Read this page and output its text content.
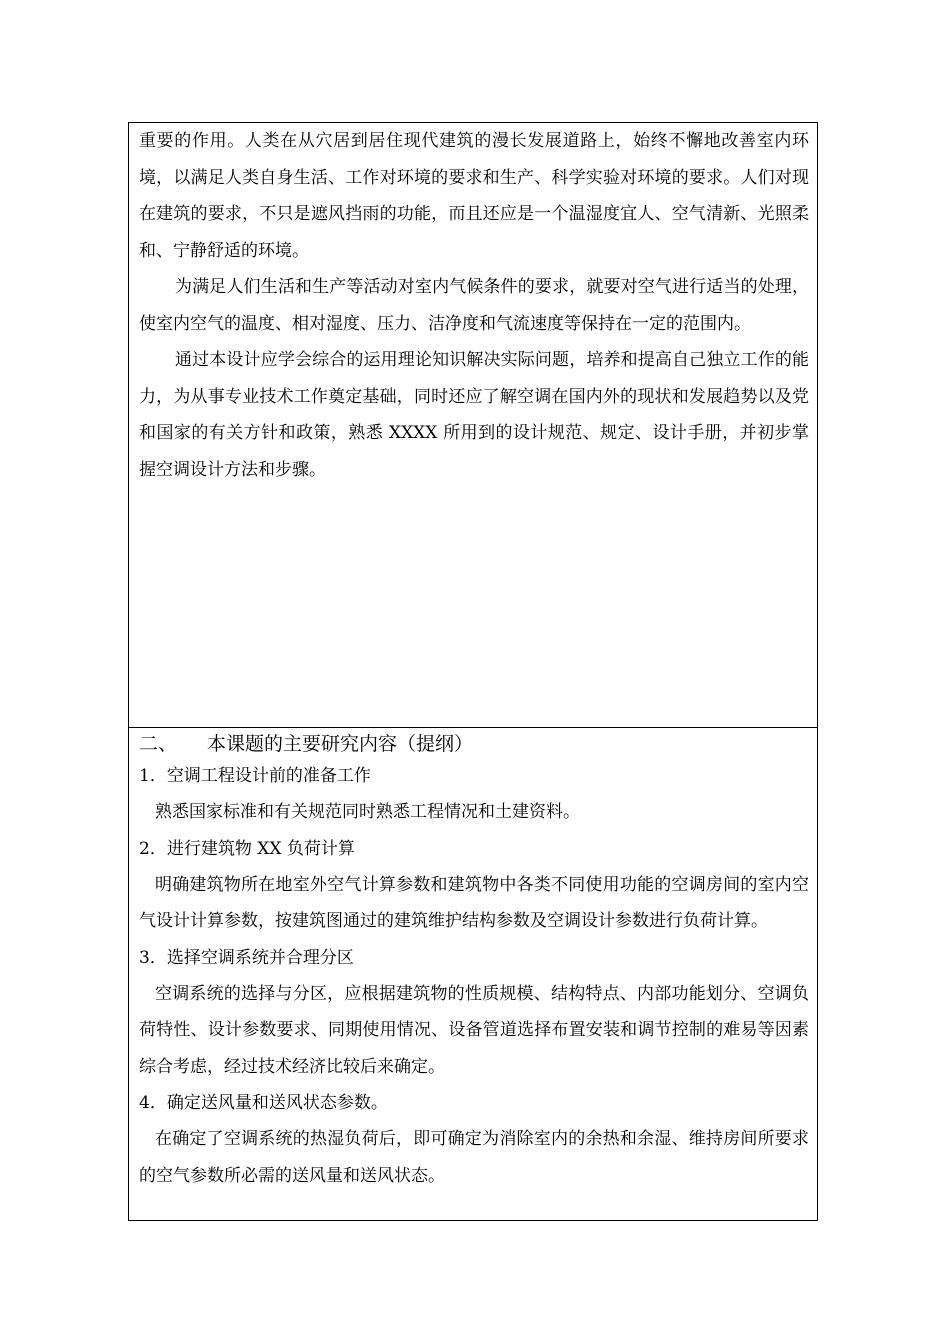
重要的作用。人类在从穴居到居住现代建筑的漫长发展道路上，始终不懈地改善室内环境，以满足人类自身生活、工作对环境的要求和生产、科学实验对环境的要求。人们对现在建筑的要求，不只是遮风挡雨的功能，而且还应是一个温湿度宜人、空气清新、光照柔和、宁静舒适的环境。

为满足人们生活和生产等活动对室内气候条件的要求，就要对空气进行适当的处理，使室内空气的温度、相对湿度、压力、洁净度和气流速度等保持在一定的范围内。

通过本设计应学会综合的运用理论知识解决实际问题，培养和提高自己独立工作的能力，为从事专业技术工作奠定基础，同时还应了解空调在国内外的现状和发展趋势以及党和国家的有关方针和政策，熟悉 XXXX 所用到的设计规范、规定、设计手册，并初步掌握空调设计方法和步骤。

二、 本课题的主要研究内容（提纲）

1．空调工程设计前的准备工作

熟悉国家标准和有关规范同时熟悉工程情况和土建资料。

2．进行建筑物 XX 负荷计算

明确建筑物所在地室外空气计算参数和建筑物中各类不同使用功能的空调房间的室内空气设计计算参数，按建筑图通过的建筑维护结构参数及空调设计参数进行负荷计算。

3．选择空调系统并合理分区

空调系统的选择与分区，应根据建筑物的性质规模、结构特点、内部功能划分、空调负荷特性、设计参数要求、同期使用情况、设备管道选择布置安装和调节控制的难易等因素综合考虑，经过技术经济比较后来确定。

4．确定送风量和送风状态参数。

在确定了空调系统的热湿负荷后，即可确定为消除室内的余热和余湿、维持房间所要求的空气参数所必需的送风量和送风状态。
